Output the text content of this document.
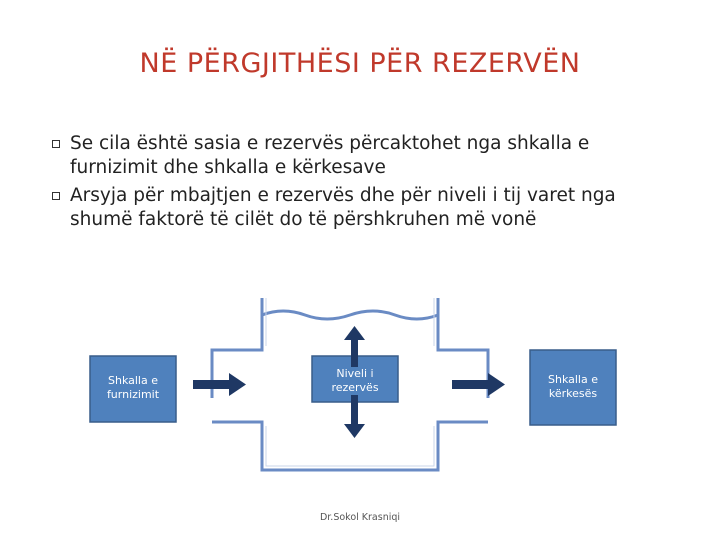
NË PËRGJITHËSI PËR REZERVËN
Se cila është sasia e rezervës përcaktohet nga shkalla e furnizimit dhe shkalla e kërkesave
Arsyja për mbajtjen e rezervës dhe për niveli i tij varet nga shumë faktorë të cilët do të përshkruhen më vonë
Shkalla e furnizimit
Niveli i rezervës
Shkalla e kërkesës
Dr.Sokol Krasniqi
